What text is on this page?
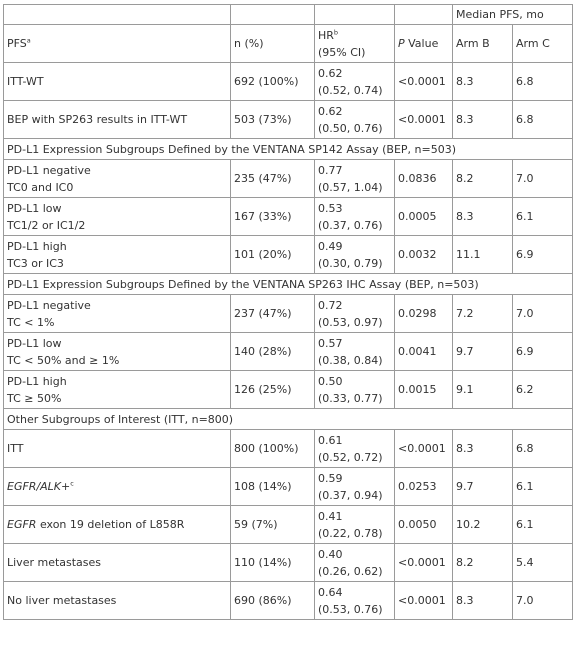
				Median PFS, mo	
PFS$^a$	n (%)	$HR^b$
(95% CI)	P Value	Arm B	Arm C
ITT-WT	692 (100%)	0.62
(0.52, 0.74)	<0.0001	8.3	6.8
BEP with SP263 results in ITT-WT	503 (73%)	0.62
(0.50, 0.76)	<0.0001	8.3	6.8
PD-L1 Expression Subgroups Defined by the VENTANA SP142 Assay (BEP, n=503)					

PD-L1 negative
TC0 and IC0	235 (47%)	0.77
(0.57, 1.04)	0.0836	8.2	7.0

PD-L1 low
TC1/2 or IC1/2	167 (33%)	0.53
(0.37, 0.76)	0.0005	8.3	6.1

PD-L1 high
TC3 or IC3	101 (20%)	0.49
(0.30, 0.79)	0.0032	11.1	6.9
PD-L1 Expression Subgroups Defined by the VENTANA SP263 IHC Assay (BEP, n=503)					

PD-L1 negative
TC < 1%	237 (47%)	0.72
(0.53, 0.97)	0.0298	7.2	7.0

PD-L1 low
TC < 50% and ≥ 1%	140 (28%)	0.57
(0.38, 0.84)	0.0041	9.7	6.9

PD-L1 high
TC ≥ 50%	126 (25%)	0.50
(0.33, 0.77)	0.0015	9.1	6.2
Other Subgroups of Interest (ITT, n=800)					
ITT	800 (100%)	0.61
(0.52, 0.72)	<0.0001	8.3	6.8
EGFR/ALK+$^c$	108 (14%)	0.59
(0.37, 0.94)	0.0253	9.7	6.1
EGFR exon 19 deletion of L858R	59 (7%)	0.41
(0.22, 0.78)	0.0050	10.2	6.1
Liver metastases	110 (14%)	0.40
(0.26, 0.62)	<0.0001	8.2	5.4
No liver metastases	690 (86%)	0.64
(0.53, 0.76)	<0.0001	8.3	7.0
